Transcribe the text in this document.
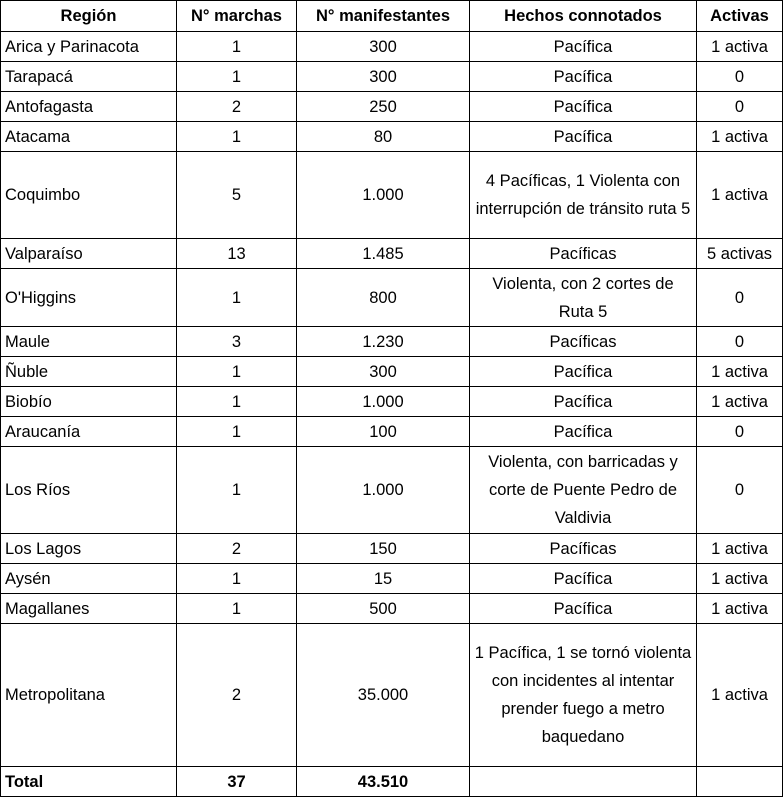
Región	N° marchas	N° manifestantes	Hechos connotados	Activas
Arica y Parinacota	1	300	Pacífica	1 activa
Tarapacá	1	300	Pacífica	0
Antofagasta	2	250	Pacífica	0
Atacama	1	80	Pacífica	1 activa
Coquimbo	5	1.000	4 Pacíficas, 1 Violenta con interrupción de tránsito ruta 5	1 activa
Valparaíso	13	1.485	Pacíficas	5 activas
O'Higgins	1	800	Violenta, con 2 cortes de Ruta 5	0
Maule	3	1.230	Pacíficas	0
Ñuble	1	300	Pacífica	1 activa
Biobío	1	1.000	Pacífica	1 activa
Araucanía	1	100	Pacífica	0
Los Ríos	1	1.000	Violenta, con barricadas y corte de Puente Pedro de Valdivia	0
Los Lagos	2	150	Pacíficas	1 activa
Aysén	1	15	Pacífica	1 activa
Magallanes	1	500	Pacífica	1 activa
Metropolitana	2	35.000	1 Pacífica, 1 se tornó violenta con incidentes al intentar prender fuego a metro baquedano	1 activa
Total	37	43.510		
